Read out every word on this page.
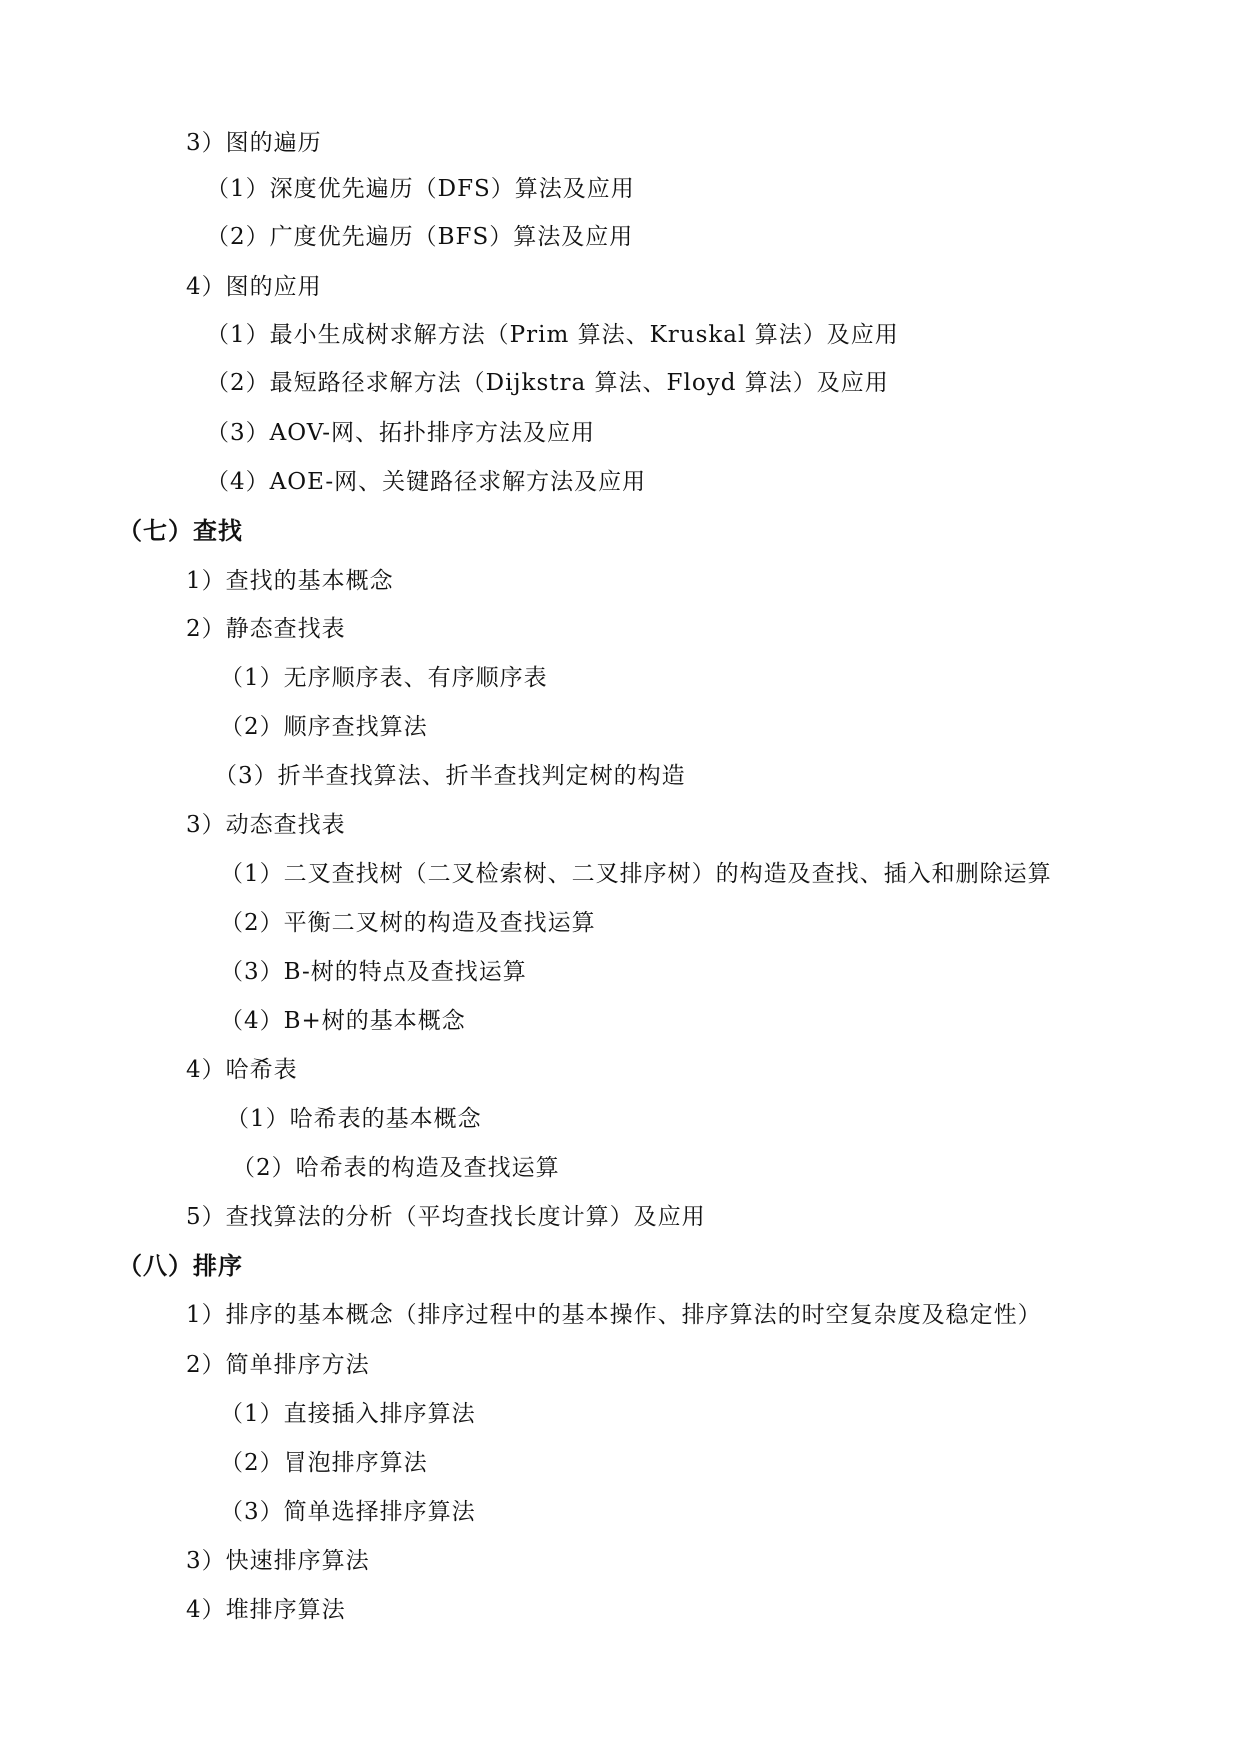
3）图的遍历
（1）深度优先遍历（DFS）算法及应用
（2）广度优先遍历（BFS）算法及应用
4）图的应用
（1）最小生成树求解方法（Prim 算法、Kruskal 算法）及应用
（2）最短路径求解方法（Dijkstra 算法、Floyd 算法）及应用
（3）AOV-网、拓扑排序方法及应用
（4）AOE-网、关键路径求解方法及应用
（七）查找
1）查找的基本概念
2）静态查找表
（1）无序顺序表、有序顺序表
（2）顺序查找算法
（3）折半查找算法、折半查找判定树的构造
3）动态查找表
（1）二叉查找树（二叉检索树、二叉排序树）的构造及查找、插入和删除运算
（2）平衡二叉树的构造及查找运算
（3）B-树的特点及查找运算
（4）B+树的基本概念
4）哈希表
（1）哈希表的基本概念
（2）哈希表的构造及查找运算
5）查找算法的分析（平均查找长度计算）及应用
（八）排序
1）排序的基本概念（排序过程中的基本操作、排序算法的时空复杂度及稳定性）
2）简单排序方法
（1）直接插入排序算法
（2）冒泡排序算法
（3）简单选择排序算法
3）快速排序算法
4）堆排序算法
